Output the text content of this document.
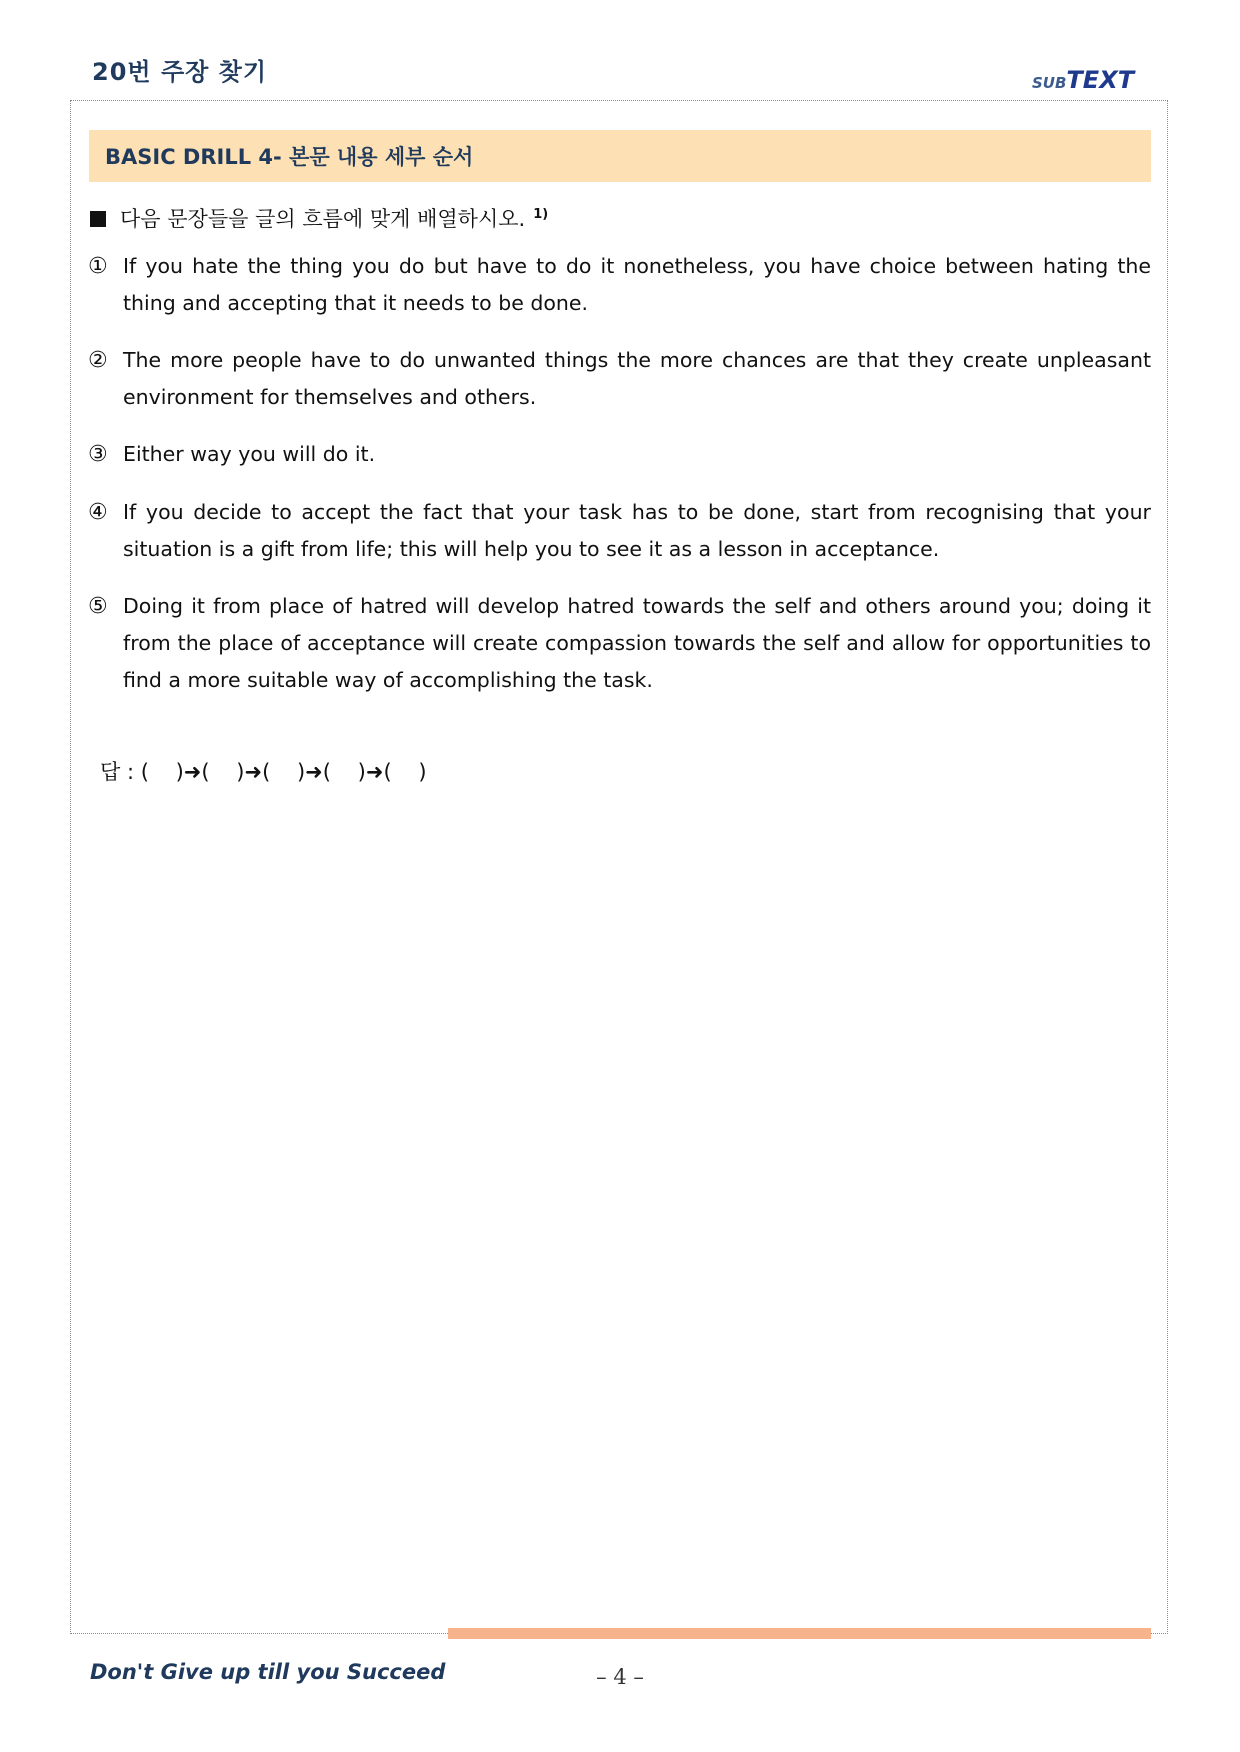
20번 주장 찾기	SUBTEXT
BASIC DRILL 4- 본문 내용 세부 순서
다음 문장들을 글의 흐름에 맞게 배열하시오. $^{1)}$
① If you hate the thing you do but have to do it nonetheless, you have choice between hating the thing and accepting that it needs to be done.
② The more people have to do unwanted things the more chances are that they create unpleasant environment for themselves and others.
③ Either way you will do it.
④ If you decide to accept the fact that your task has to be done, start from recognising that your situation is a gift from life; this will help you to see it as a lesson in acceptance.
⑤ Doing it from place of hatred will develop hatred towards the self and others around you; doing it from the place of acceptance will create compassion towards the self and allow for opportunities to find a more suitable way of accomplishing the task.
답 : (    )➜(    )➜(    )➜(    )➜(    )
Don't Give up till you Succeed	– 4 –
